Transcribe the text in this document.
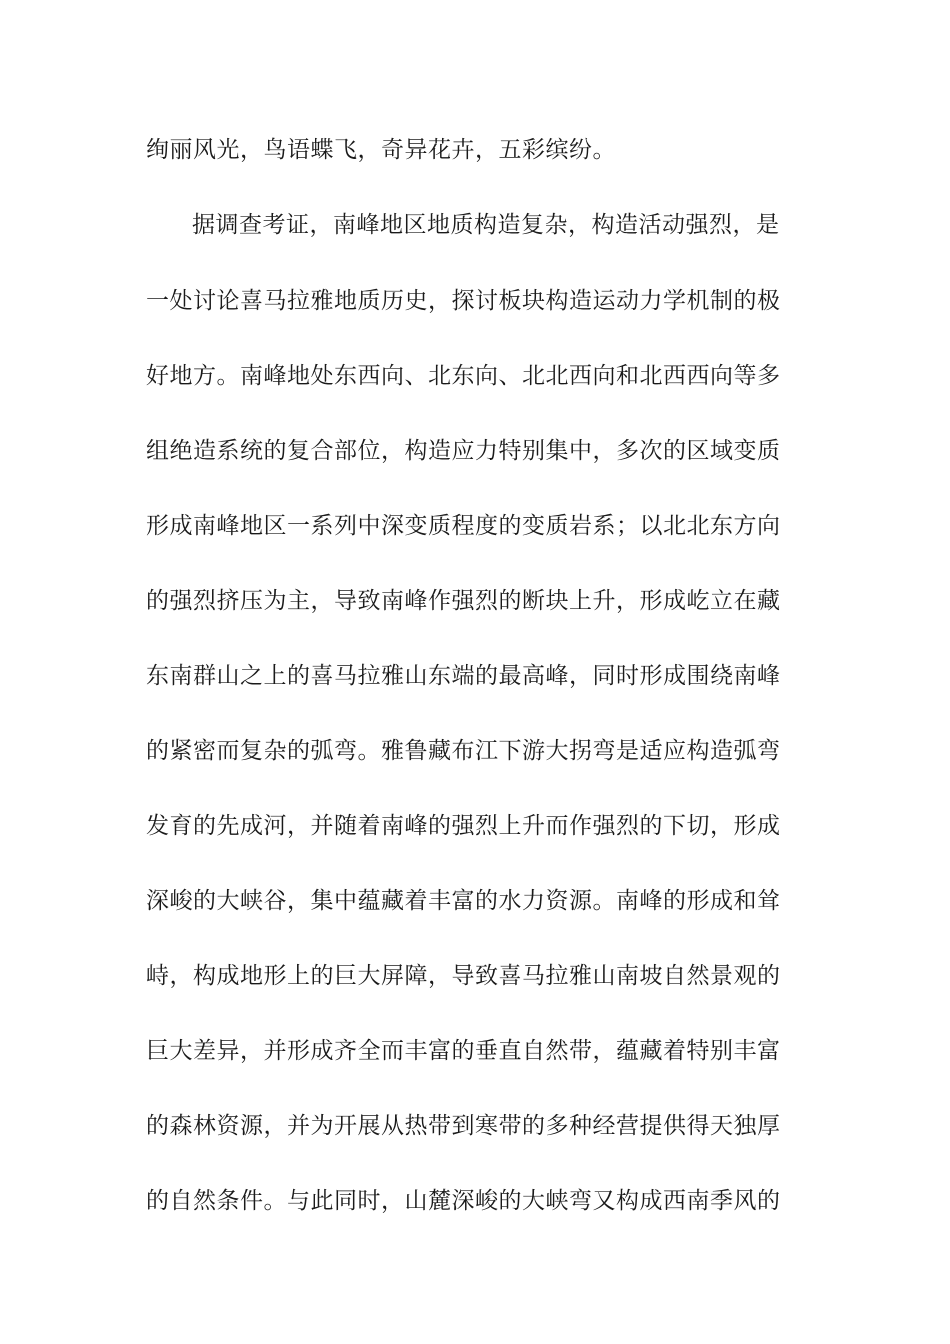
绚丽风光，鸟语蝶飞，奇异花卉，五彩缤纷。
据调查考证，南峰地区地质构造复杂，构造活动强烈，是
一处讨论喜马拉雅地质历史，探讨板块构造运动力学机制的极
好地方。南峰地处东西向、北东向、北北西向和北西西向等多
组绝造系统的复合部位，构造应力特别集中，多次的区域变质
形成南峰地区一系列中深变质程度的变质岩系；以北北东方向
的强烈挤压为主，导致南峰作强烈的断块上升，形成屹立在藏
东南群山之上的喜马拉雅山东端的最高峰，同时形成围绕南峰
的紧密而复杂的弧弯。雅鲁藏布江下游大拐弯是适应构造弧弯
发育的先成河，并随着南峰的强烈上升而作强烈的下切，形成
深峻的大峡谷，集中蕴藏着丰富的水力资源。南峰的形成和耸
峙，构成地形上的巨大屏障，导致喜马拉雅山南坡自然景观的
巨大差异，并形成齐全而丰富的垂直自然带，蕴藏着特别丰富
的森林资源，并为开展从热带到寒带的多种经营提供得天独厚
的自然条件。与此同时，山麓深峻的大峡弯又构成西南季风的
